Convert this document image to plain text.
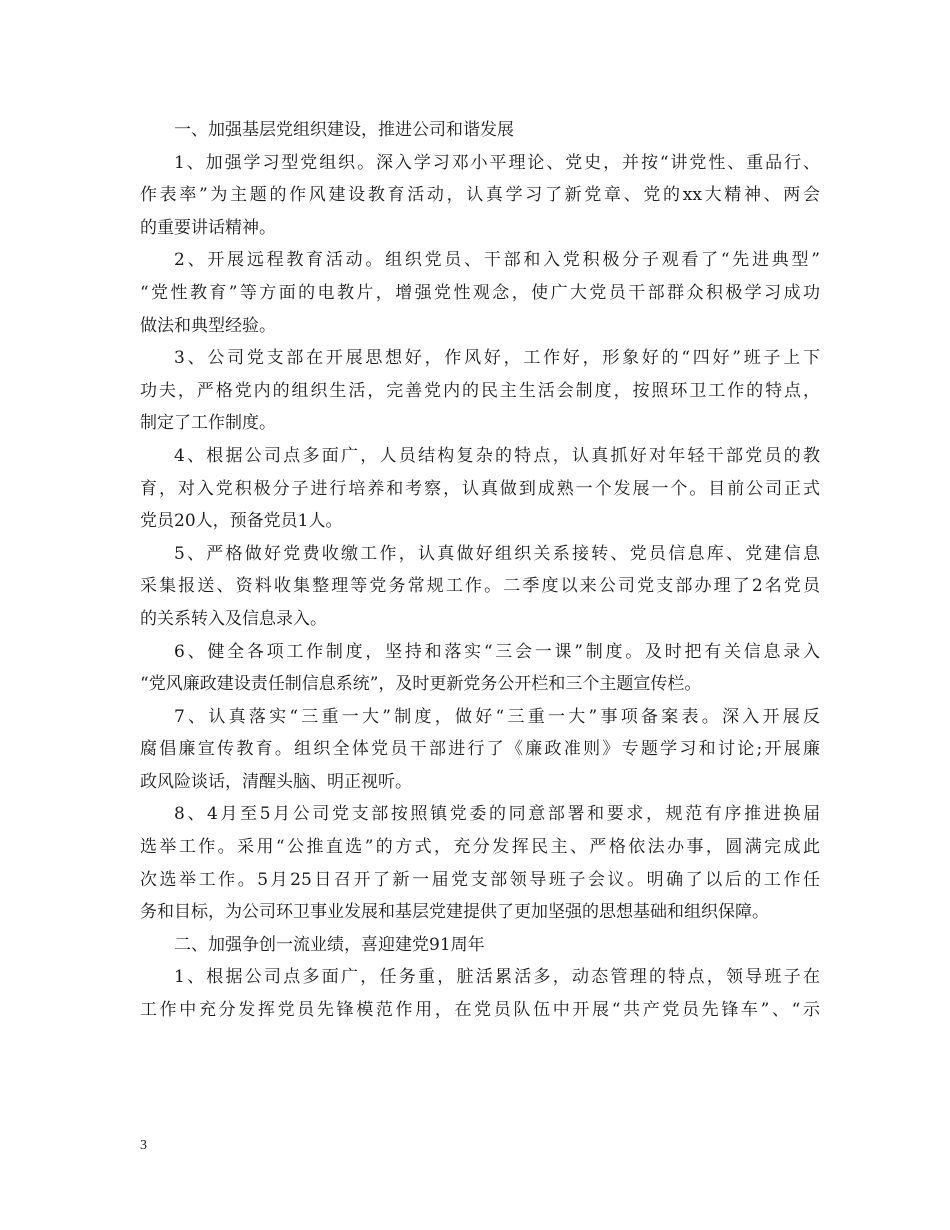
一、加强基层党组织建设，推进公司和谐发展
1、加强学习型党组织。深入学习邓小平理论、党史，并按“讲党性、重品行、
作表率”为主题的作风建设教育活动，认真学习了新党章、党的xx大精神、两会
的重要讲话精神。
2、开展远程教育活动。组织党员、干部和入党积极分子观看了“先进典型”
“党性教育”等方面的电教片，增强党性观念，使广大党员干部群众积极学习成功
做法和典型经验。
3、公司党支部在开展思想好，作风好，工作好，形象好的“四好”班子上下
功夫，严格党内的组织生活，完善党内的民主生活会制度，按照环卫工作的特点，
制定了工作制度。
4、根据公司点多面广，人员结构复杂的特点，认真抓好对年轻干部党员的教
育，对入党积极分子进行培养和考察，认真做到成熟一个发展一个。目前公司正式
党员20人，预备党员1人。
5、严格做好党费收缴工作，认真做好组织关系接转、党员信息库、党建信息
采集报送、资料收集整理等党务常规工作。二季度以来公司党支部办理了2名党员
的关系转入及信息录入。
6、健全各项工作制度，坚持和落实“三会一课”制度。及时把有关信息录入
“党风廉政建设责任制信息系统”，及时更新党务公开栏和三个主题宣传栏。
7、认真落实“三重一大”制度，做好“三重一大”事项备案表。深入开展反
腐倡廉宣传教育。组织全体党员干部进行了《廉政准则》专题学习和讨论;开展廉
政风险谈话，清醒头脑、明正视听。
8、4月至5月公司党支部按照镇党委的同意部署和要求，规范有序推进换届
选举工作。采用“公推直选”的方式，充分发挥民主、严格依法办事，圆满完成此
次选举工作。5月25日召开了新一届党支部领导班子会议。明确了以后的工作任
务和目标，为公司环卫事业发展和基层党建提供了更加坚强的思想基础和组织保障。
二、加强争创一流业绩，喜迎建党91周年
1、根据公司点多面广，任务重，脏活累活多，动态管理的特点，领导班子在
工作中充分发挥党员先锋模范作用，在党员队伍中开展“共产党员先锋车”、“示
3
